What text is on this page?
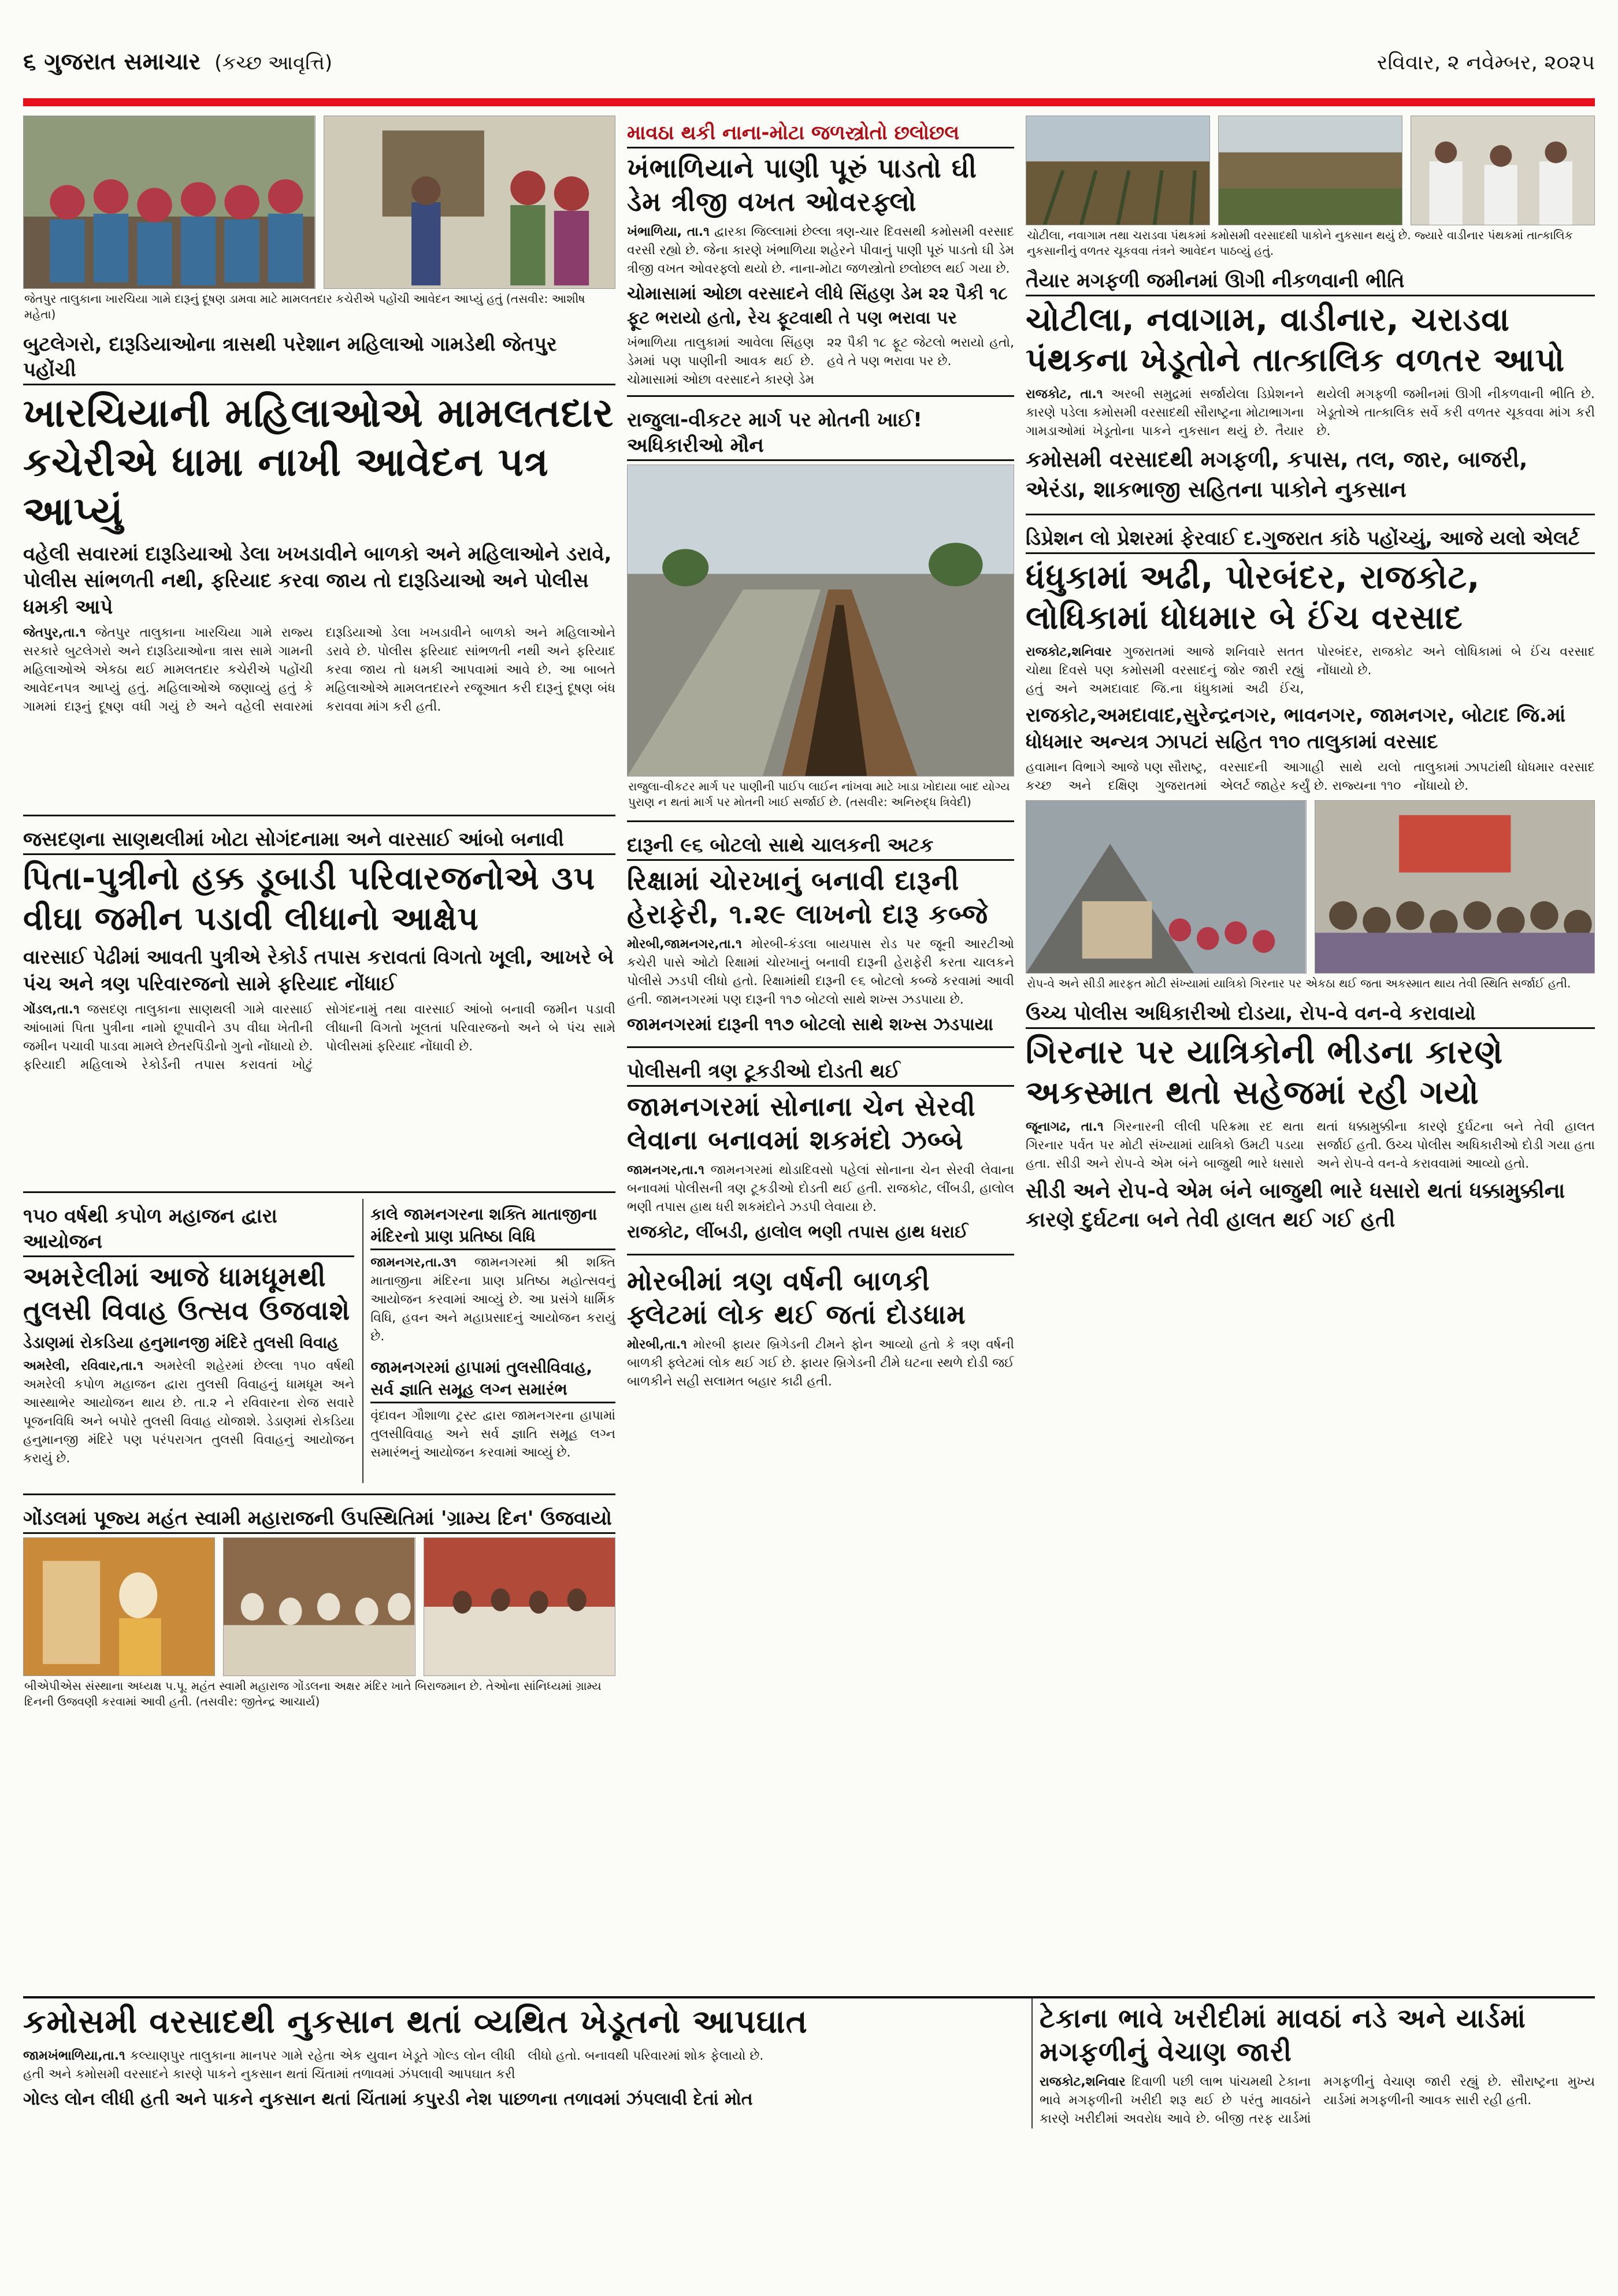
૬ ગુજરાત સમાચાર (કચ્છ આવૃત્તિ)	રવિવાર, ૨ નવેમ્બર, ૨૦૨૫
જેતપુર તાલુકાના ખારચિયા ગામે દારૂનું દૂષણ ડામવા માટે મામલતદાર કચેરીએ પહોંચી આવેદન આપ્યું હતું (તસવીર: આશીષ મહેતા)
બુટલેગરો, દારૂડિયાઓના ત્રાસથી પરેશાન મહિલાઓ ગામડેથી જેતપુર પહોંચી
ખારચિયાની મહિલાઓએ મામલતદાર કચેરીએ ધામા નાખી આવેદન પત્ર આપ્યું
વહેલી સવારમાં દારૂડિયાઓ ડેલા ખખડાવીને બાળકો અને મહિલાઓને ડરાવે, પોલીસ સાંભળતી નથી, ફરિયાદ કરવા જાય તો દારૂડિયાઓ અને પોલીસ ધમકી આપે
જેતપુર,તા.૧ જેતપુર તાલુકાના ખારચિયા ગામે રાજ્ય સરકારે બુટલેગરો અને દારૂડિયાઓના ત્રાસ સામે ગામની મહિલાઓએ એકઠા થઈ મામલતદાર કચેરીએ પહોંચી આવેદનપત્ર આપ્યું હતું. મહિલાઓએ જણાવ્યું હતું કે ગામમાં દારૂનું દૂષણ વધી ગયું છે અને વહેલી સવારમાં દારૂડિયાઓ ડેલા ખખડાવીને બાળકો અને મહિલાઓને ડરાવે છે. પોલીસ ફરિયાદ સાંભળતી નથી અને ફરિયાદ કરવા જાય તો ધમકી આપવામાં આવે છે. આ બાબતે મહિલાઓએ મામલતદારને રજૂઆત કરી દારૂનું દૂષણ બંધ કરાવવા માંગ કરી હતી.
જસદણના સાણથલીમાં ખોટા સોગંદનામા અને વારસાઈ આંબો બનાવી
પિતા-પુત્રીનો હક્ક ડૂબાડી પરિવારજનોએ ૩૫ વીઘા જમીન પડાવી લીધાનો આક્ષેપ
વારસાઈ પેઢીમાં આવતી પુત્રીએ રેકોર્ડ તપાસ કરાવતાં વિગતો ખૂલી, આખરે બે પંચ અને ત્રણ પરિવારજનો સામે ફરિયાદ નોંધાઈ
ગોંડલ,તા.૧ જસદણ તાલુકાના સાણથલી ગામે વારસાઈ આંબામાં પિતા પુત્રીના નામો છૂપાવીને ૩૫ વીઘા ખેતીની જમીન પચાવી પાડવા મામલે છેતરપિંડીનો ગુનો નોંધાયો છે. ફરિયાદી મહિલાએ રેકોર્ડની તપાસ કરાવતાં ખોટું સોગંદનામું તથા વારસાઈ આંબો બનાવી જમીન પડાવી લીધાની વિગતો ખૂલતાં પરિવારજનો અને બે પંચ સામે પોલીસમાં ફરિયાદ નોંધાવી છે.
૧૫૦ વર્ષથી કપોળ મહાજન દ્વારા આયોજન
અમરેલીમાં આજે ધામધૂમથી તુલસી વિવાહ ઉત્સવ ઉજવાશે
ડેડાણમાં રોકડિયા હનુમાનજી મંદિરે તુલસી વિવાહ
અમરેલી, રવિવાર,તા.૧ અમરેલી શહેરમાં છેલ્લા ૧૫૦ વર્ષથી અમરેલી કપોળ મહાજન દ્વારા તુલસી વિવાહનું ધામધૂમ અને આસ્થાભેર આયોજન થાય છે. તા.૨ ને રવિવારના રોજ સવારે પૂજનવિધિ અને બપોરે તુલસી વિવાહ યોજાશે. ડેડાણમાં રોકડિયા હનુમાનજી મંદિરે પણ પરંપરાગત તુલસી વિવાહનું આયોજન કરાયું છે.
કાલે જામનગરના શક્તિ માતાજીના મંદિરનો પ્રાણ પ્રતિષ્ઠા વિધિ
જામનગર,તા.૩૧ જામનગરમાં શ્રી શક્તિ માતાજીના મંદિરના પ્રાણ પ્રતિષ્ઠા મહોત્સવનું આયોજન કરવામાં આવ્યું છે. આ પ્રસંગે ધાર્મિક વિધિ, હવન અને મહાપ્રસાદનું આયોજન કરાયું છે.
જામનગરમાં હાપામાં તુલસીવિવાહ, સર્વ જ્ઞાતિ સમૂહ લગ્ન સમારંભ
વૃંદાવન ગૌશાળા ટ્રસ્ટ દ્વારા જામનગરના હાપામાં તુલસીવિવાહ અને સર્વ જ્ઞાતિ સમૂહ લગ્ન સમારંભનું આયોજન કરવામાં આવ્યું છે.
ગોંડલમાં પૂજ્ય મહંત સ્વામી મહારાજની ઉપસ્થિતિમાં 'ગ્રામ્ય દિન' ઉજવાયો
બીએપીએસ સંસ્થાના અધ્યક્ષ પ.પૂ. મહંત સ્વામી મહારાજ ગોંડલના અક્ષર મંદિર ખાતે બિરાજમાન છે. તેઓના સાંનિધ્યમાં ગ્રામ્ય દિનની ઉજવણી કરવામાં આવી હતી. (તસવીર: જીતેન્દ્ર આચાર્ય)
માવઠા થકી નાના-મોટા જળસ્ત્રોતો છલોછલ
ખંભાળિયાને પાણી પૂરું પાડતો ઘી ડેમ ત્રીજી વખત ઓવરફ્લો
ખંભાળિયા, તા.૧ દ્વારકા જિલ્લામાં છેલ્લા ત્રણ-ચાર દિવસથી કમોસમી વરસાદ વરસી રહ્યો છે. જેના કારણે ખંભાળિયા શહેરને પીવાનું પાણી પૂરું પાડતો ઘી ડેમ ત્રીજી વખત ઓવરફ્લો થયો છે. નાના-મોટા જળસ્ત્રોતો છલોછલ થઈ ગયા છે.
ચોમાસામાં ઓછા વરસાદને લીધે સિંહણ ડેમ ૨૨ પૈકી ૧૮ ફૂટ ભરાયો હતો, રેચ ફૂટવાથી તે પણ ભરાવા પર
ખંભાળિયા તાલુકામાં આવેલા સિંહણ ડેમમાં પણ પાણીની આવક થઈ છે. ચોમાસામાં ઓછા વરસાદને કારણે ડેમ ૨૨ પૈકી ૧૮ ફૂટ જેટલો ભરાયો હતો, હવે તે પણ ભરાવા પર છે.
રાજુલા-વીકટર માર્ગ પર મોતની ખાઈ! અધિકારીઓ મૌન
રાજુલા-વીકટર માર્ગ પર પાણીની પાઈપ લાઈન નાંખવા માટે ખાડા ખોદાયા બાદ યોગ્ય પુરાણ ન થતાં માર્ગ પર મોતની ખાઈ સર્જાઈ છે. (તસવીર: અનિરુદ્ધ ત્રિવેદી)
દારૂની ૯૬ બોટલો સાથે ચાલકની અટક
રિક્ષામાં ચોરખાનું બનાવી દારૂની હેરાફેરી, ૧.૨૯ લાખનો દારૂ કબ્જે
મોરબી,જામનગર,તા.૧ મોરબી-કંડલા બાયપાસ રોડ પર જૂની આરટીઓ કચેરી પાસે ઓટો રિક્ષામાં ચોરખાનું બનાવી દારૂની હેરાફેરી કરતા ચાલકને પોલીસે ઝડપી લીધો હતો. રિક્ષામાંથી દારૂની ૯૬ બોટલો કબ્જે કરવામાં આવી હતી. જામનગરમાં પણ દારૂની ૧૧૭ બોટલો સાથે શખ્સ ઝડપાયા છે.
જામનગરમાં દારૂની ૧૧૭ બોટલો સાથે શખ્સ ઝડપાયા
પોલીસની ત્રણ ટૂકડીઓ દોડતી થઈ
જામનગરમાં સોનાના ચેન સેરવી લેવાના બનાવમાં શકમંદો ઝબ્બે
જામનગર,તા.૧ જામનગરમાં થોડાદિવસો પહેલાં સોનાના ચેન સેરવી લેવાના બનાવમાં પોલીસની ત્રણ ટૂકડીઓ દોડતી થઈ હતી. રાજકોટ, લીંબડી, હાલોલ ભણી તપાસ હાથ ધરી શકમંદોને ઝડપી લેવાયા છે.
રાજકોટ, લીંબડી, હાલોલ ભણી તપાસ હાથ ધરાઈ
મોરબીમાં ત્રણ વર્ષની બાળકી ફ્લેટમાં લોક થઈ જતાં દોડધામ
મોરબી,તા.૧ મોરબી ફાયર બ્રિગેડની ટીમને ફોન આવ્યો હતો કે ત્રણ વર્ષની બાળકી ફ્લેટમાં લોક થઈ ગઈ છે. ફાયર બ્રિગેડની ટીમે ઘટના સ્થળે દોડી જઈ બાળકીને સહી સલામત બહાર કાઢી હતી.
ચોટીલા, નવાગામ તથા ચરાડવા પંથકમાં કમોસમી વરસાદથી પાકોને નુકસાન થયું છે. જ્યારે વાડીનાર પંથકમાં તાત્કાલિક નુકસાનીનું વળતર ચૂકવવા તંત્રને આવેદન પાઠવ્યું હતું.
તૈયાર મગફળી જમીનમાં ઊગી નીકળવાની ભીતિ
ચોટીલા, નવાગામ, વાડીનાર, ચરાડવા પંથકના ખેડૂતોને તાત્કાલિક વળતર આપો
રાજકોટ, તા.૧ અરબી સમુદ્રમાં સર્જાયેલા ડિપ્રેશનને કારણે પડેલા કમોસમી વરસાદથી સૌરાષ્ટ્રના મોટાભાગના ગામડાઓમાં ખેડૂતોના પાકને નુકસાન થયું છે. તૈયાર થયેલી મગફળી જમીનમાં ઊગી નીકળવાની ભીતિ છે. ખેડૂતોએ તાત્કાલિક સર્વે કરી વળતર ચૂકવવા માંગ કરી છે.
કમોસમી વરસાદથી મગફળી, કપાસ, તલ, જાર, બાજરી, એરંડા, શાકભાજી સહિતના પાકોને નુકસાન
ડિપ્રેશન લો પ્રેશરમાં ફેરવાઈ દ.ગુજરાત કાંઠે પહોંચ્યું, આજે યલો એલર્ટ
ધંધુકામાં અઢી, પોરબંદર, રાજકોટ, લોધિકામાં ધોધમાર બે ઈંચ વરસાદ
રાજકોટ,શનિવાર ગુજરાતમાં આજે શનિવારે સતત ચોથા દિવસે પણ કમોસમી વરસાદનું જોર જારી રહ્યું હતું અને અમદાવાદ જિ.ના ધંધુકામાં અઢી ઈંચ, પોરબંદર, રાજકોટ અને લોધિકામાં બે ઈંચ વરસાદ નોંધાયો છે.
રાજકોટ,અમદાવાદ,સુરેન્દ્રનગર, ભાવનગર, જામનગર, બોટાદ જિ.માં ધોધમાર અન્યત્ર ઝાપટાં સહિત ૧૧૦ તાલુકામાં વરસાદ
હવામાન વિભાગે આજે પણ સૌરાષ્ટ્ર, કચ્છ અને દક્ષિણ ગુજરાતમાં વરસાદની આગાહી સાથે યલો એલર્ટ જાહેર કર્યું છે. રાજ્યના ૧૧૦ તાલુકામાં ઝાપટાંથી ધોધમાર વરસાદ નોંધાયો છે.
રોપ-વે અને સીડી મારફત મોટી સંખ્યામાં યાત્રિકો ગિરનાર પર એકઠા થઈ જતા અકસ્માત થાય તેવી સ્થિતિ સર્જાઈ હતી.
ઉચ્ચ પોલીસ અધિકારીઓ દોડયા, રોપ-વે વન-વે કરાવાયો
ગિરનાર પર યાત્રિકોની ભીડના કારણે અકસ્માત થતો સહેજમાં રહી ગયો
જૂનાગઢ, તા.૧ ગિરનારની લીલી પરિક્રમા રદ થતા ગિરનાર પર્વત પર મોટી સંખ્યામાં યાત્રિકો ઉમટી પડયા હતા. સીડી અને રોપ-વે એમ બંને બાજુથી ભારે ધસારો થતાં ધક્કામુક્કીના કારણે દુર્ઘટના બને તેવી હાલત સર્જાઈ હતી. ઉચ્ચ પોલીસ અધિકારીઓ દોડી ગયા હતા અને રોપ-વે વન-વે કરાવવામાં આવ્યો હતો.
સીડી અને રોપ-વે એમ બંને બાજુથી ભારે ધસારો થતાં ધક્કામુક્કીના કારણે દુર્ઘટના બને તેવી હાલત થઈ ગઈ હતી
કમોસમી વરસાદથી નુકસાન થતાં વ્યથિત ખેડૂતનો આપઘાત
જામખંભાળિયા,તા.૧ કલ્યાણપુર તાલુકાના માનપર ગામે રહેતા એક યુવાન ખેડૂતે ગોલ્ડ લોન લીધી હતી અને કમોસમી વરસાદને કારણે પાકને નુકસાન થતાં ચિંતામાં તળાવમાં ઝંપલાવી આપઘાત કરી લીધો હતો. બનાવથી પરિવારમાં શોક ફેલાયો છે.
ગોલ્ડ લોન લીધી હતી અને પાકને નુકસાન થતાં ચિંતામાં કપુરડી નેશ પાછળના તળાવમાં ઝંપલાવી દેતાં મોત
ટેકાના ભાવે ખરીદીમાં માવઠાં નડે અને યાર્ડમાં મગફળીનું વેચાણ જારી
રાજકોટ,શનિવાર દિવાળી પછી લાભ પાંચમથી ટેકાના ભાવે મગફળીની ખરીદી શરૂ થઈ છે પરંતુ માવઠાંને કારણે ખરીદીમાં અવરોધ આવે છે. બીજી તરફ યાર્ડમાં મગફળીનું વેચાણ જારી રહ્યું છે. સૌરાષ્ટ્રના મુખ્ય યાર્ડમાં મગફળીની આવક સારી રહી હતી.
